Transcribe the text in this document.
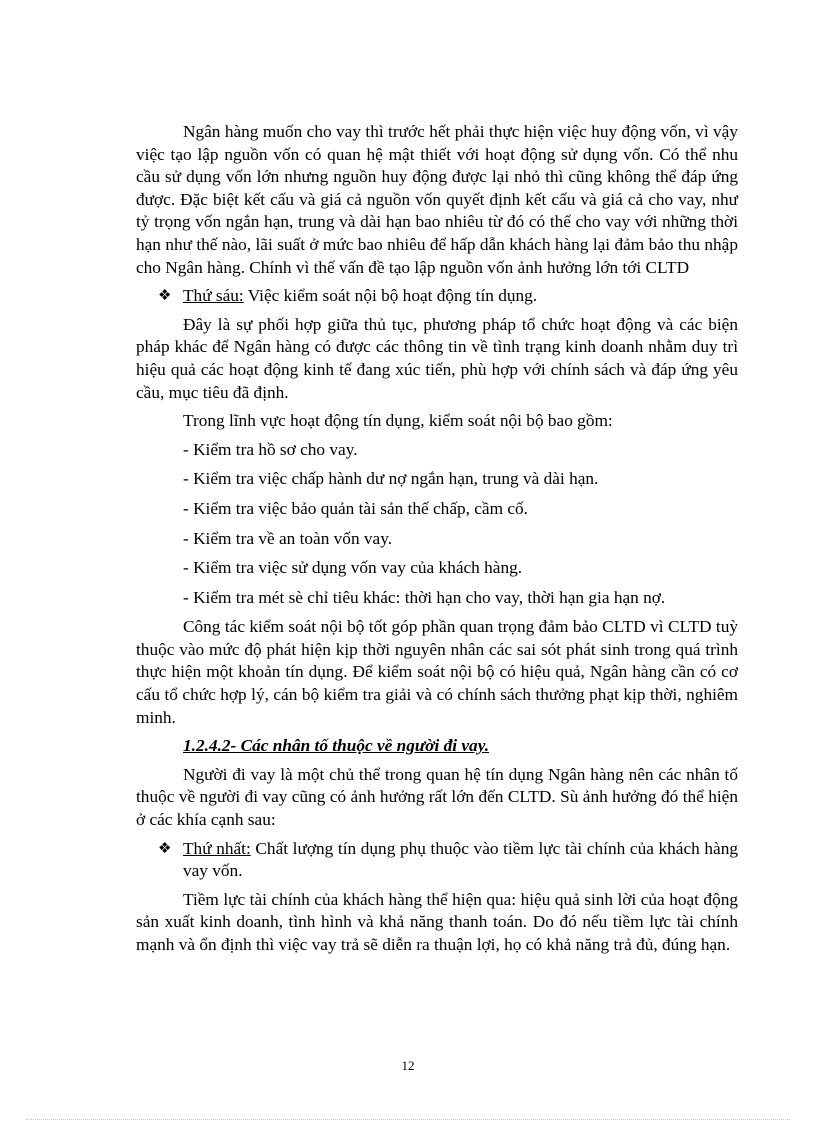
Ngân hàng muốn cho vay thì trước hết phải thực hiện việc huy động vốn, vì vậy việc tạo lập nguồn vốn có quan hệ mật thiết với hoạt động sử dụng vốn. Có thể nhu cầu sử dụng vốn lớn nhưng nguồn huy động được lại nhỏ thì cũng không thể đáp ứng được. Đặc biệt kết cấu và giá cả nguồn vốn quyết định kết cấu và giá cả cho vay, như tỷ trọng vốn ngắn hạn, trung và dài hạn bao nhiêu từ đó có thể cho vay với những thời hạn như thế nào, lãi suất ở mức bao nhiêu để hấp dẫn khách hàng lại đảm bảo thu nhập cho Ngân hàng. Chính vì thế vấn đề tạo lập nguồn vốn ảnh hưởng lớn tới CLTD

❖ Thứ sáu: Việc kiểm soát nội bộ hoạt động tín dụng.

Đây là sự phối hợp giữa thủ tục, phương pháp tổ chức hoạt động và các biện pháp khác để Ngân hàng có được các thông tin về tình trạng kinh doanh nhằm duy trì hiệu quả các hoạt động kinh tế đang xúc tiến, phù hợp với chính sách và đáp ứng yêu cầu, mục tiêu đã định.

Trong lĩnh vực hoạt động tín dụng, kiểm soát nội bộ bao gồm:

- Kiểm tra hồ sơ cho vay.
- Kiểm tra việc chấp hành dư nợ ngắn hạn, trung và dài hạn.
- Kiểm tra việc bảo quản tài sản thế chấp, cầm cố.
- Kiểm tra về an toàn vốn vay.
- Kiểm tra việc sử dụng vốn vay của khách hàng.
- Kiểm tra mét sè chỉ tiêu khác: thời hạn cho vay, thời hạn gia hạn nợ.

Công tác kiểm soát nội bộ tốt góp phần quan trọng đảm bảo CLTD vì CLTD tuỳ thuộc vào mức độ phát hiện kịp thời nguyên nhân các sai sót phát sinh trong quá trình thực hiện một khoản tín dụng. Để kiểm soát nội bộ có hiệu quả, Ngân hàng cần có cơ cấu tổ chức hợp lý, cán bộ kiểm tra giải và có chính sách thưởng phạt kịp thời, nghiêm minh.

1.2.4.2- Các nhân tố thuộc về người đi vay.

Người đi vay là một chủ thể trong quan hệ tín dụng Ngân hàng nên các nhân tố thuộc về người đi vay cũng có ảnh hưởng rất lớn đến CLTD. Sù ảnh hưởng đó thể hiện ở các khía cạnh sau:

❖ Thứ nhất: Chất lượng tín dụng phụ thuộc vào tiềm lực tài chính của khách hàng vay vốn.

Tiềm lực tài chính của khách hàng thể hiện qua: hiệu quả sinh lời của hoạt động sản xuất kinh doanh, tình hình và khả năng thanh toán. Do đó nếu tiềm lực tài chính mạnh và ổn định thì việc vay trả sẽ diễn ra thuận lợi, họ có khả năng trả đủ, đúng hạn.

12
